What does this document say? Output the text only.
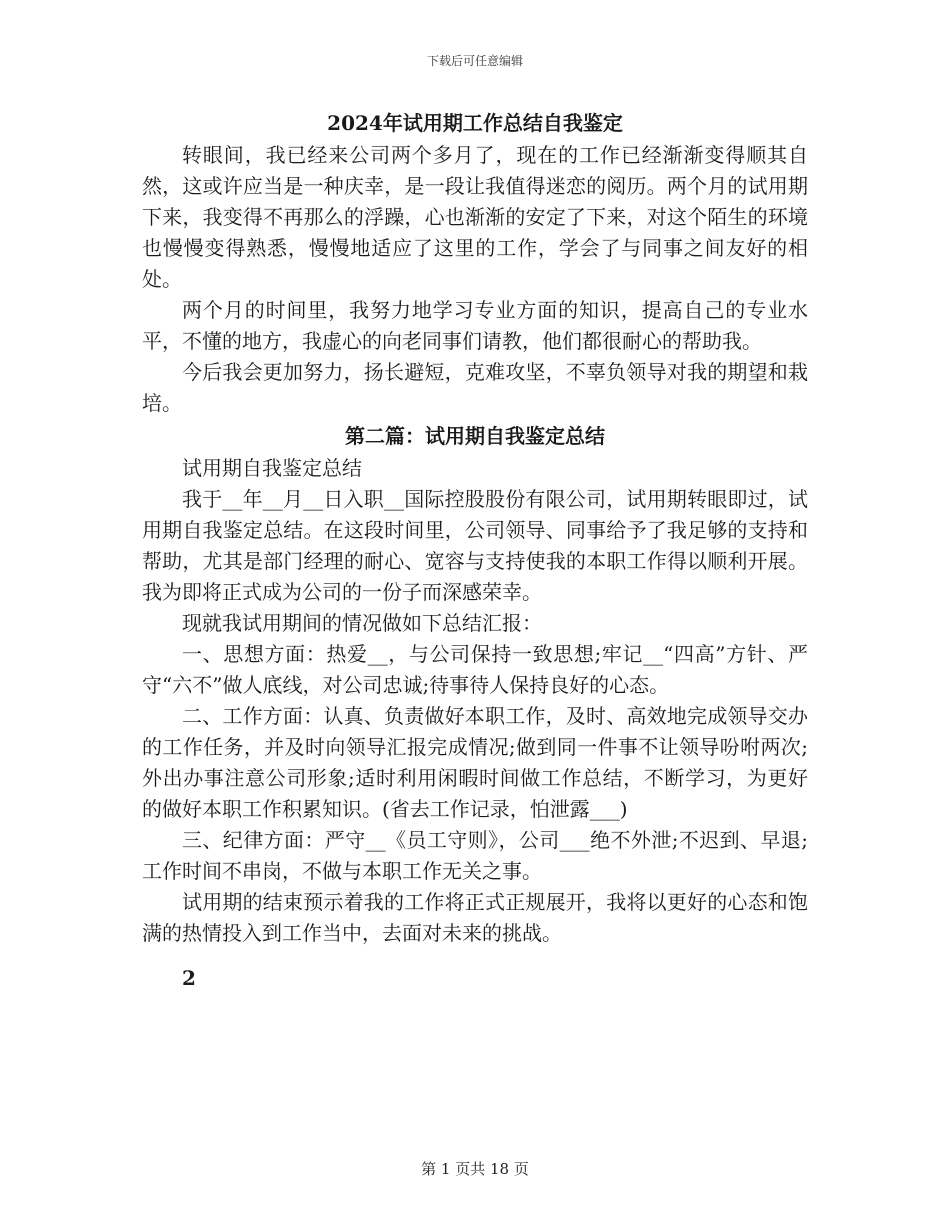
下载后可任意编辑
2024年试用期工作总结自我鉴定

转眼间，我已经来公司两个多月了，现在的工作已经渐渐变得顺其自然，这或许应当是一种庆幸，是一段让我值得迷恋的阅历。两个月的试用期下来，我变得不再那么的浮躁，心也渐渐的安定了下来，对这个陌生的环境也慢慢变得熟悉，慢慢地适应了这里的工作，学会了与同事之间友好的相处。

两个月的时间里，我努力地学习专业方面的知识，提高自己的专业水平，不懂的地方，我虚心的向老同事们请教，他们都很耐心的帮助我。

今后我会更加努力，扬长避短，克难攻坚，不辜负领导对我的期望和栽培。

第二篇：试用期自我鉴定总结

试用期自我鉴定总结

我于__年__月__日入职__国际控股股份有限公司，试用期转眼即过，试用期自我鉴定总结。在这段时间里，公司领导、同事给予了我足够的支持和帮助，尤其是部门经理的耐心、宽容与支持使我的本职工作得以顺利开展。我为即将正式成为公司的一份子而深感荣幸。

现就我试用期间的情况做如下总结汇报：

一、思想方面：热爱__，与公司保持一致思想;牢记__“四高”方针、严守“六不”做人底线，对公司忠诚;待事待人保持良好的心态。

二、工作方面：认真、负责做好本职工作，及时、高效地完成领导交办的工作任务，并及时向领导汇报完成情况;做到同一件事不让领导吩咐两次;外出办事注意公司形象;适时利用闲暇时间做工作总结，不断学习，为更好的做好本职工作积累知识。(省去工作记录，怕泄露___)

三、纪律方面：严守__《员工守则》，公司___绝不外泄;不迟到、早退;工作时间不串岗，不做与本职工作无关之事。

试用期的结束预示着我的工作将正式正规展开，我将以更好的心态和饱满的热情投入到工作当中，去面对未来的挑战。

2

第 1 页共 18 页
